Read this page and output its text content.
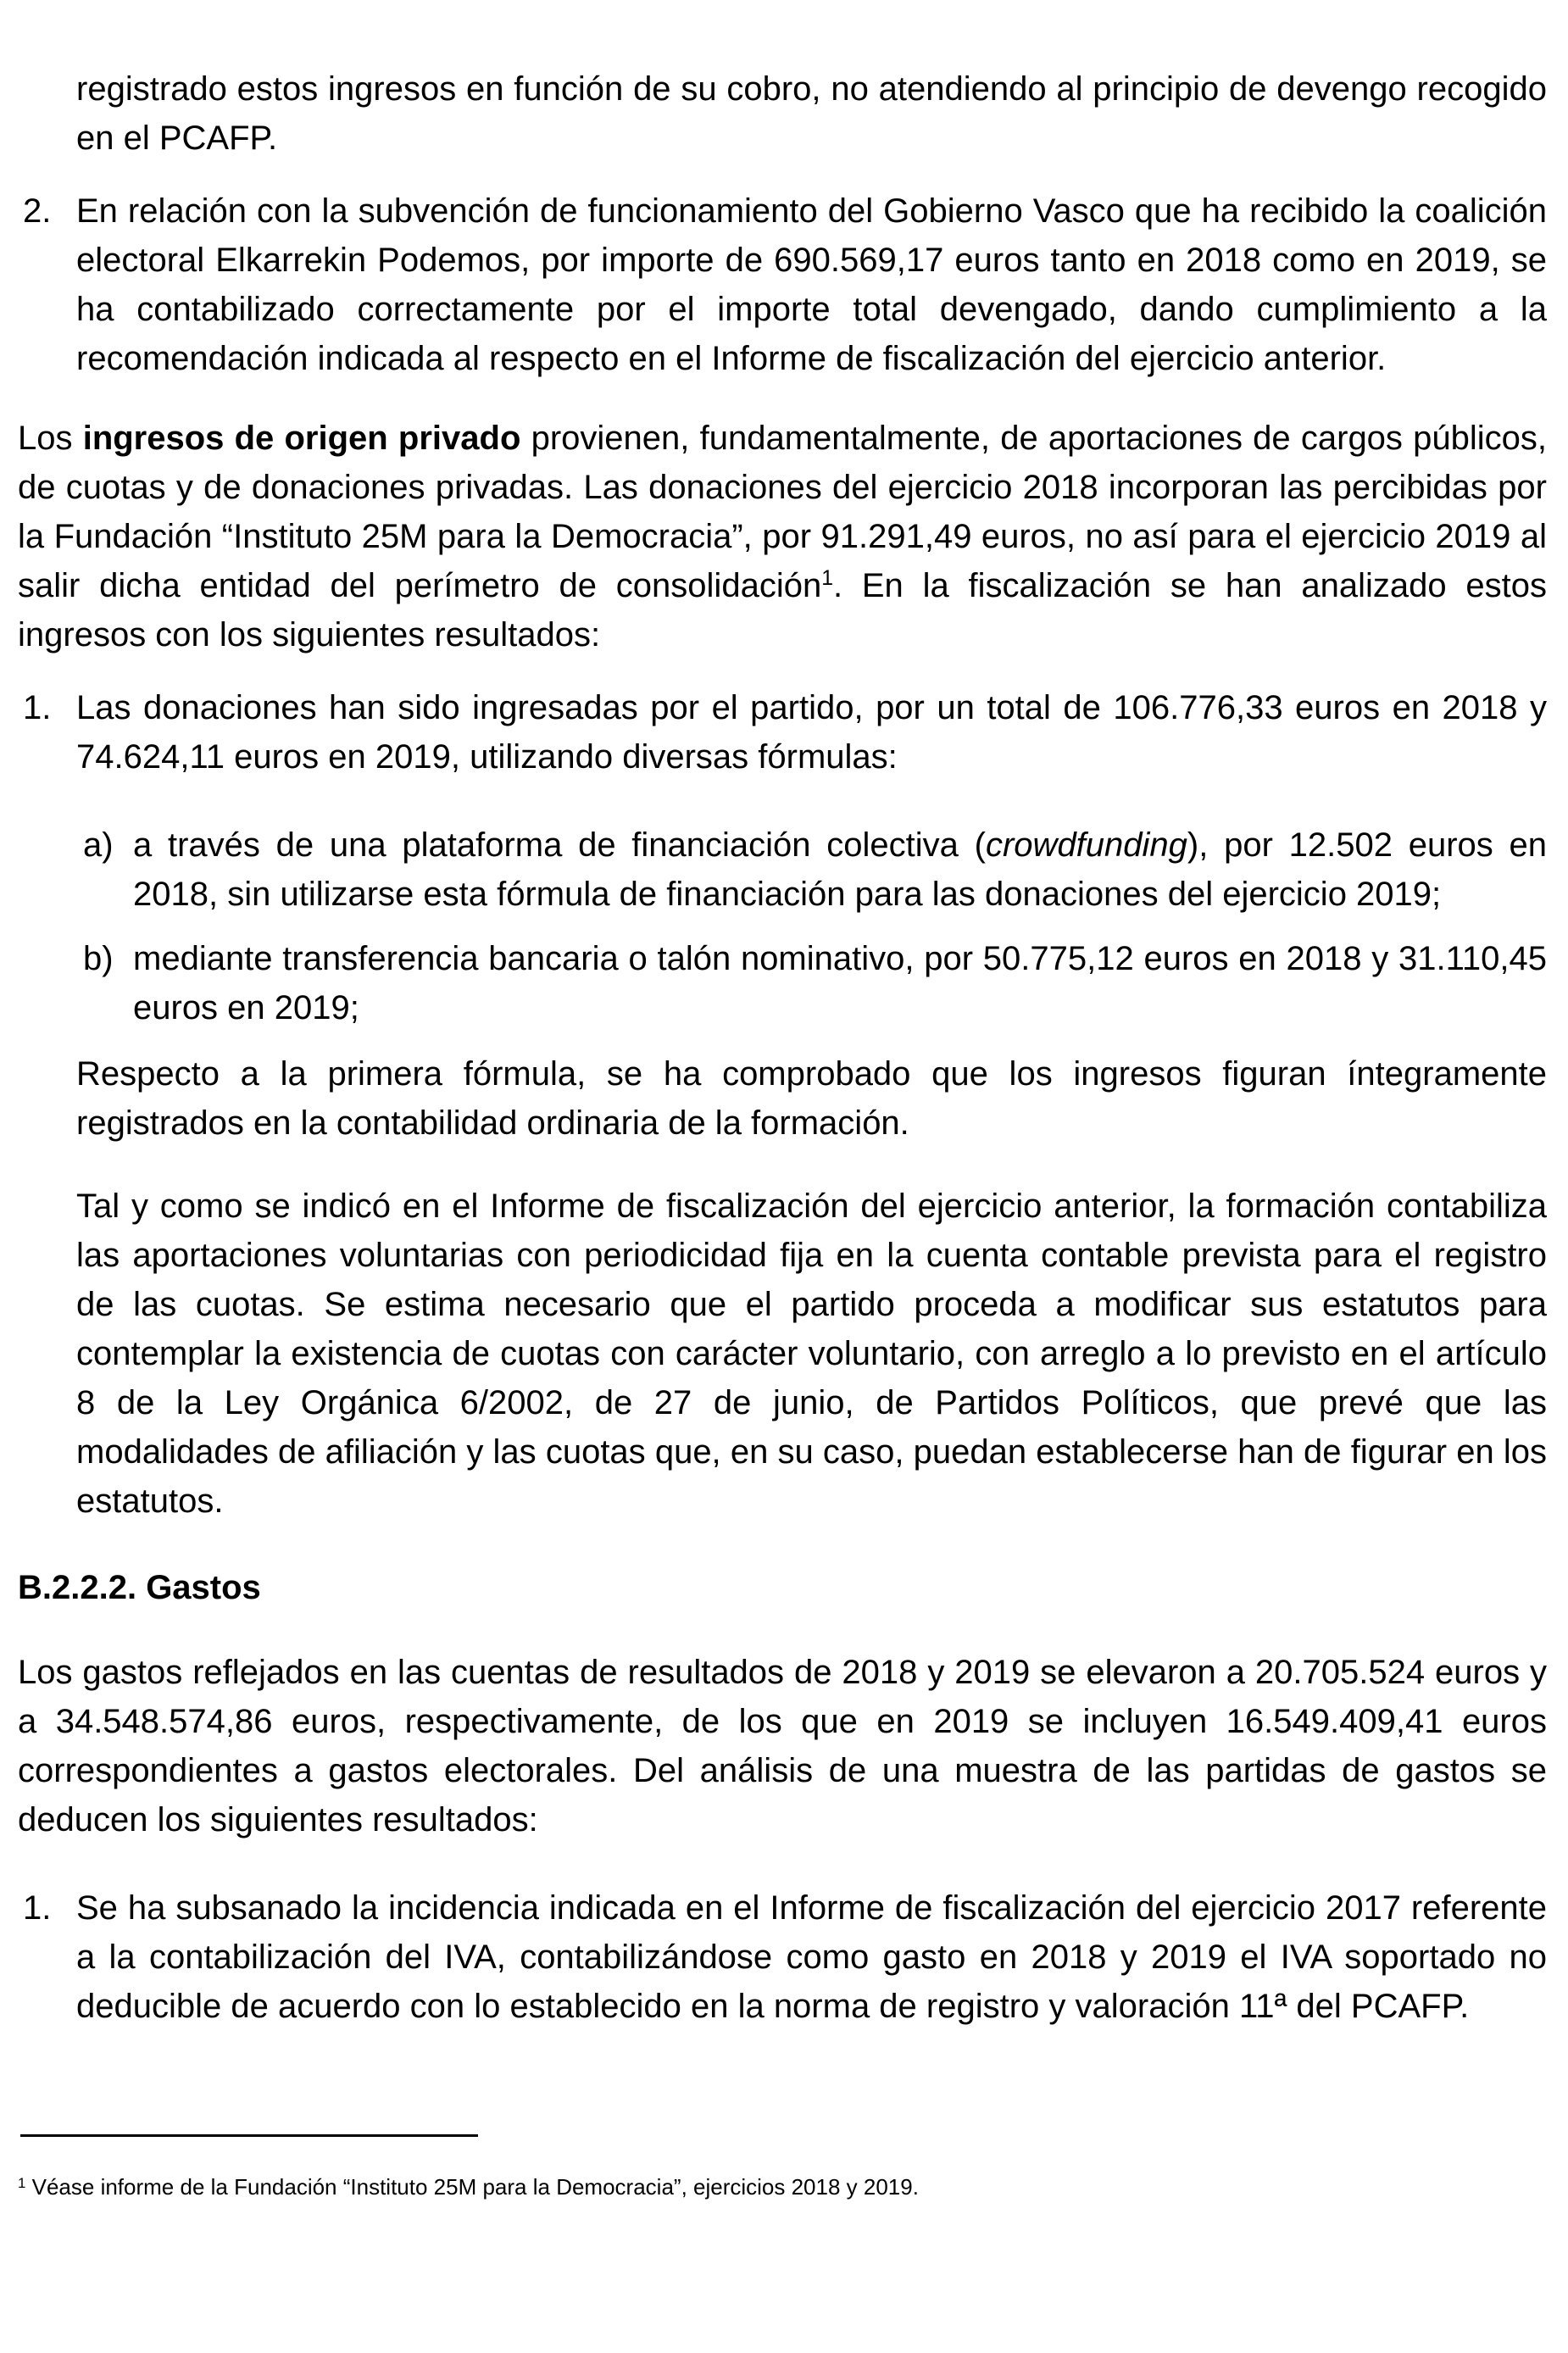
registrado estos ingresos en función de su cobro, no atendiendo al principio de devengo recogido en el PCAFP.

2. En relación con la subvención de funcionamiento del Gobierno Vasco que ha recibido la coalición electoral Elkarrekin Podemos, por importe de 690.569,17 euros tanto en 2018 como en 2019, se ha contabilizado correctamente por el importe total devengado, dando cumplimiento a la recomendación indicada al respecto en el Informe de fiscalización del ejercicio anterior.

Los ingresos de origen privado provienen, fundamentalmente, de aportaciones de cargos públicos, de cuotas y de donaciones privadas. Las donaciones del ejercicio 2018 incorporan las percibidas por la Fundación “Instituto 25M para la Democracia”, por 91.291,49 euros, no así para el ejercicio 2019 al salir dicha entidad del perímetro de consolidación$^1$. En la fiscalización se han analizado estos ingresos con los siguientes resultados:

1. Las donaciones han sido ingresadas por el partido, por un total de 106.776,33 euros en 2018 y 74.624,11 euros en 2019, utilizando diversas fórmulas:
a) a través de una plataforma de financiación colectiva (crowdfunding), por 12.502 euros en 2018, sin utilizarse esta fórmula de financiación para las donaciones del ejercicio 2019;
b) mediante transferencia bancaria o talón nominativo, por 50.775,12 euros en 2018 y 31.110,45 euros en 2019;

Respecto a la primera fórmula, se ha comprobado que los ingresos figuran íntegramente registrados en la contabilidad ordinaria de la formación.

Tal y como se indicó en el Informe de fiscalización del ejercicio anterior, la formación contabiliza las aportaciones voluntarias con periodicidad fija en la cuenta contable prevista para el registro de las cuotas. Se estima necesario que el partido proceda a modificar sus estatutos para contemplar la existencia de cuotas con carácter voluntario, con arreglo a lo previsto en el artículo 8 de la Ley Orgánica 6/2002, de 27 de junio, de Partidos Políticos, que prevé que las modalidades de afiliación y las cuotas que, en su caso, puedan establecerse han de figurar en los estatutos.

B.2.2.2. Gastos

Los gastos reflejados en las cuentas de resultados de 2018 y 2019 se elevaron a 20.705.524 euros y a 34.548.574,86 euros, respectivamente, de los que en 2019 se incluyen 16.549.409,41 euros correspondientes a gastos electorales. Del análisis de una muestra de las partidas de gastos se deducen los siguientes resultados:

1. Se ha subsanado la incidencia indicada en el Informe de fiscalización del ejercicio 2017 referente a la contabilización del IVA, contabilizándose como gasto en 2018 y 2019 el IVA soportado no deducible de acuerdo con lo establecido en la norma de registro y valoración 11ª del PCAFP.

$^1$ Véase informe de la Fundación “Instituto 25M para la Democracia”, ejercicios 2018 y 2019.
